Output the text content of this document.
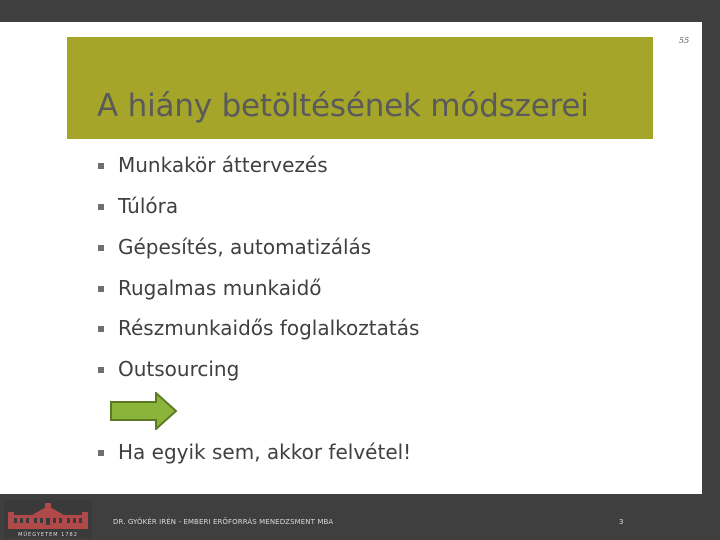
55
A hiány betöltésének módszerei
Munkakör áttervezés
Túlóra
Gépesítés, automatizálás
Rugalmas munkaidő
Részmunkaidős foglalkoztatás
Outsourcing
Ha egyik sem, akkor felvétel!
MŰEGYETEM 1782
DR. GYÖKÉR IRÉN - EMBERI ERŐFORRÁS MENEDZSMENT MBA	3
